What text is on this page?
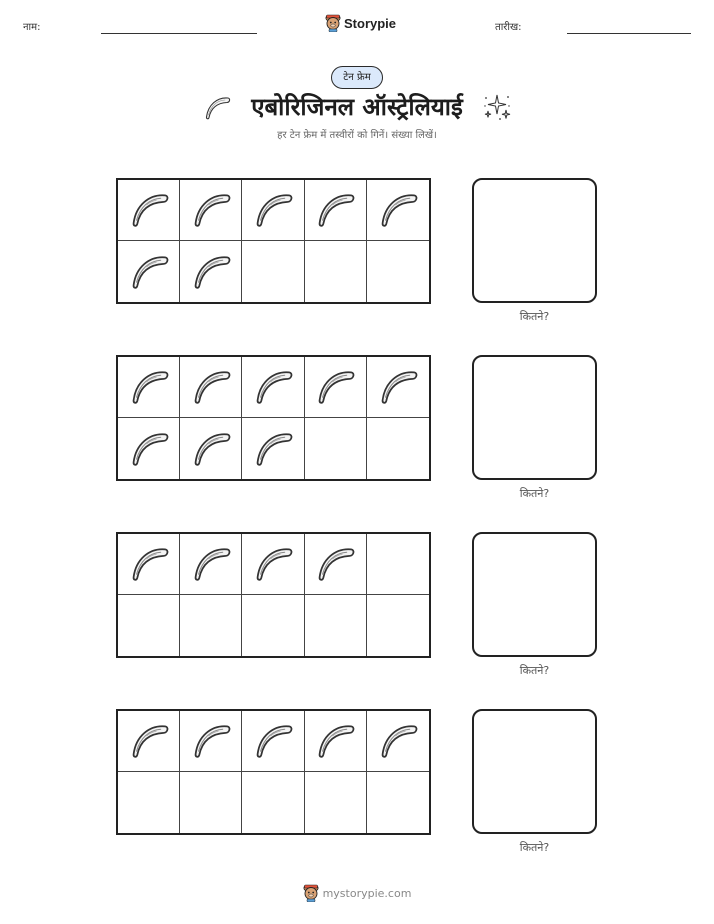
नाम:	Storypie	तारीख:
टेन फ्रेम
एबोरिजिनल ऑस्ट्रेलियाई
हर टेन फ्रेम में तस्वीरों को गिनें। संख्या लिखें।
कितने?
कितने?
कितने?
कितने?
mystorypie.com
